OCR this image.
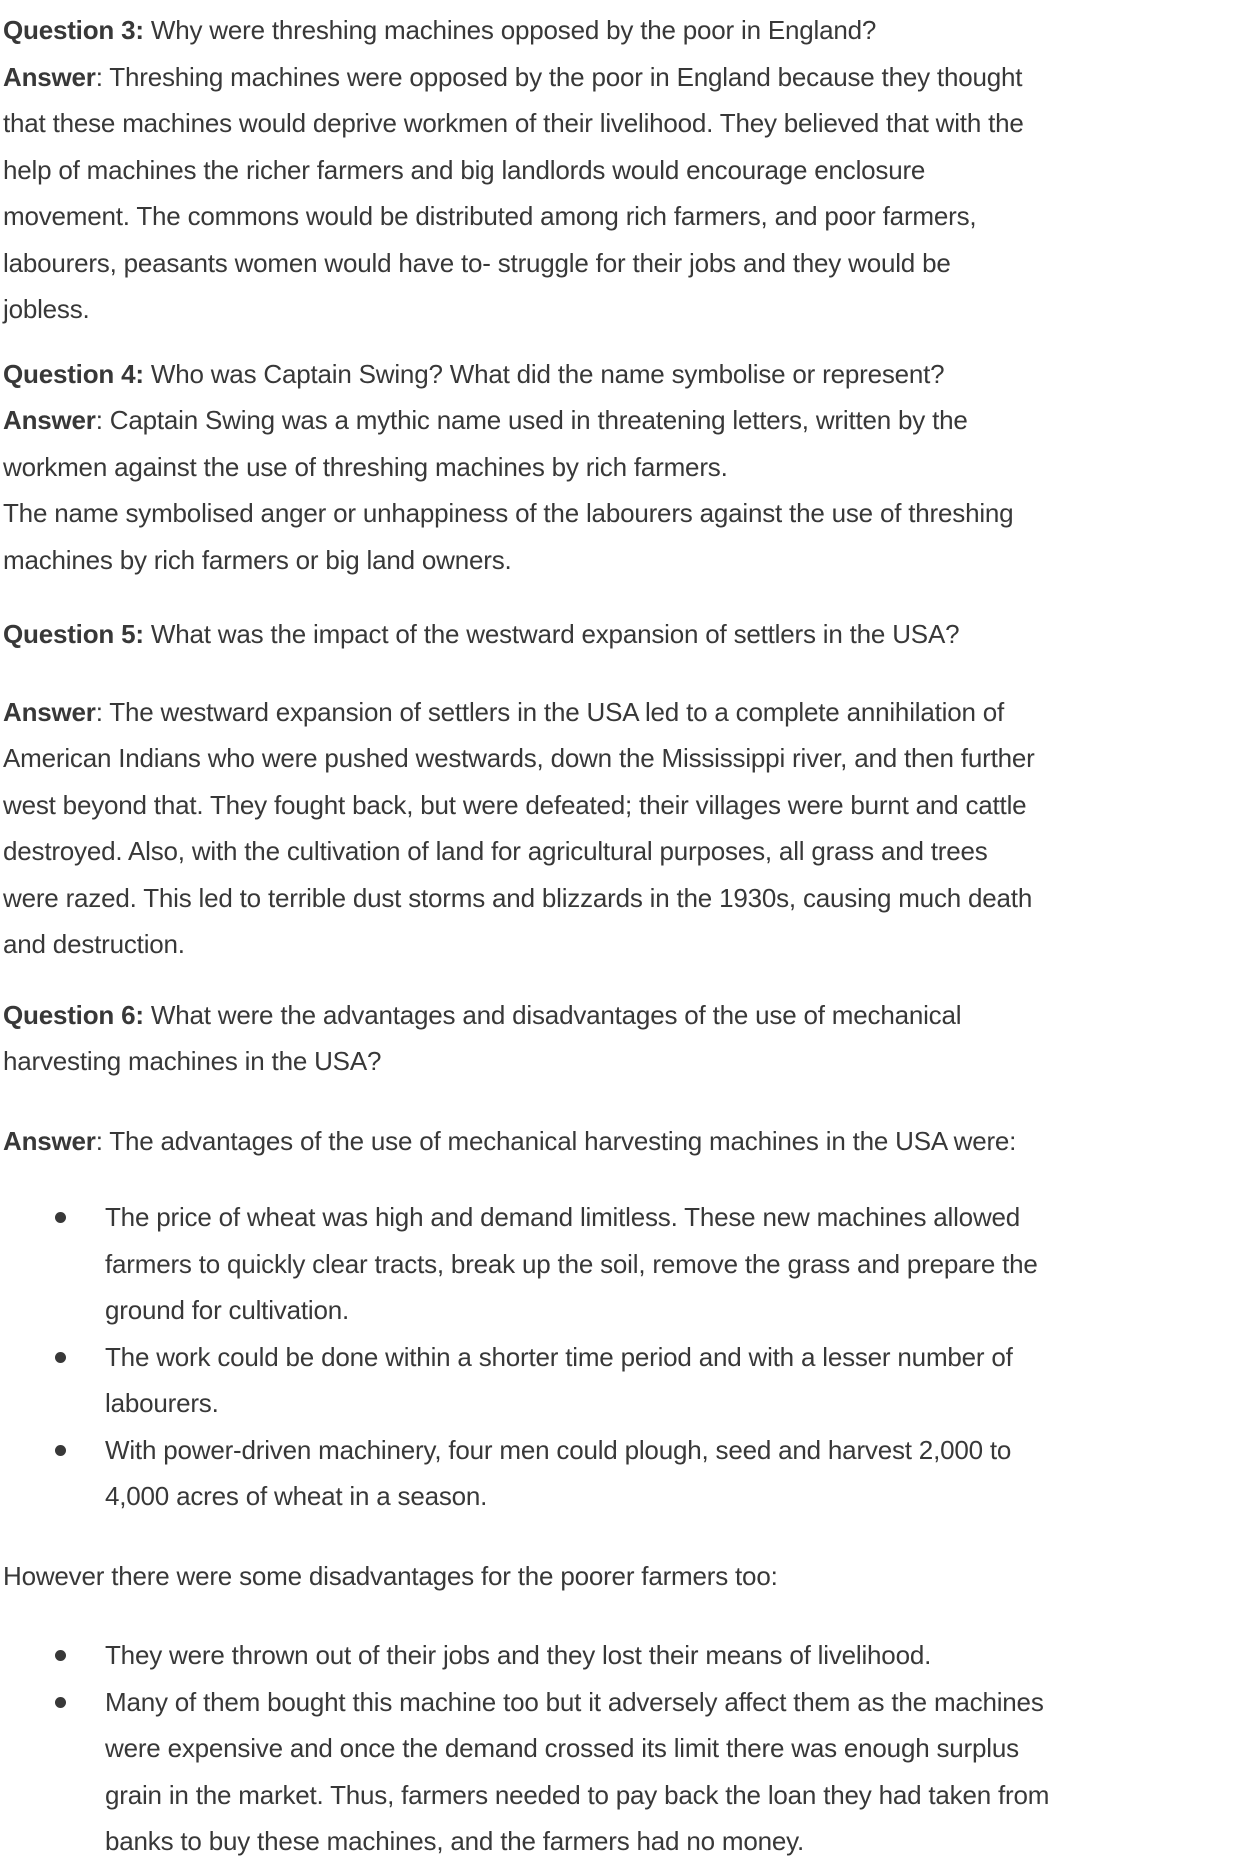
Question 3: Why were threshing machines opposed by the poor in England?
Answer: Threshing machines were opposed by the poor in England because they thought
that these machines would deprive workmen of their livelihood. They believed that with the
help of machines the richer farmers and big landlords would encourage enclosure
movement. The commons would be distributed among rich farmers, and poor farmers,
labourers, peasants women would have to- struggle for their jobs and they would be
jobless.
Question 4: Who was Captain Swing? What did the name symbolise or represent?
Answer: Captain Swing was a mythic name used in threatening letters, written by the
workmen against the use of threshing machines by rich farmers.
The name symbolised anger or unhappiness of the labourers against the use of threshing
machines by rich farmers or big land owners.
Question 5: What was the impact of the westward expansion of settlers in the USA?
Answer: The westward expansion of settlers in the USA led to a complete annihilation of
American Indians who were pushed westwards, down the Mississippi river, and then further
west beyond that. They fought back, but were defeated; their villages were burnt and cattle
destroyed. Also, with the cultivation of land for agricultural purposes, all grass and trees
were razed. This led to terrible dust storms and blizzards in the 1930s, causing much death
and destruction.
Question 6: What were the advantages and disadvantages of the use of mechanical
harvesting machines in the USA?
Answer: The advantages of the use of mechanical harvesting machines in the USA were:
The price of wheat was high and demand limitless. These new machines allowed
farmers to quickly clear tracts, break up the soil, remove the grass and prepare the
ground for cultivation.
The work could be done within a shorter time period and with a lesser number of
labourers.
With power-driven machinery, four men could plough, seed and harvest 2,000 to
4,000 acres of wheat in a season.
However there were some disadvantages for the poorer farmers too:
They were thrown out of their jobs and they lost their means of livelihood.
Many of them bought this machine too but it adversely affect them as the machines
were expensive and once the demand crossed its limit there was enough surplus
grain in the market. Thus, farmers needed to pay back the loan they had taken from
banks to buy these machines, and the farmers had no money.
